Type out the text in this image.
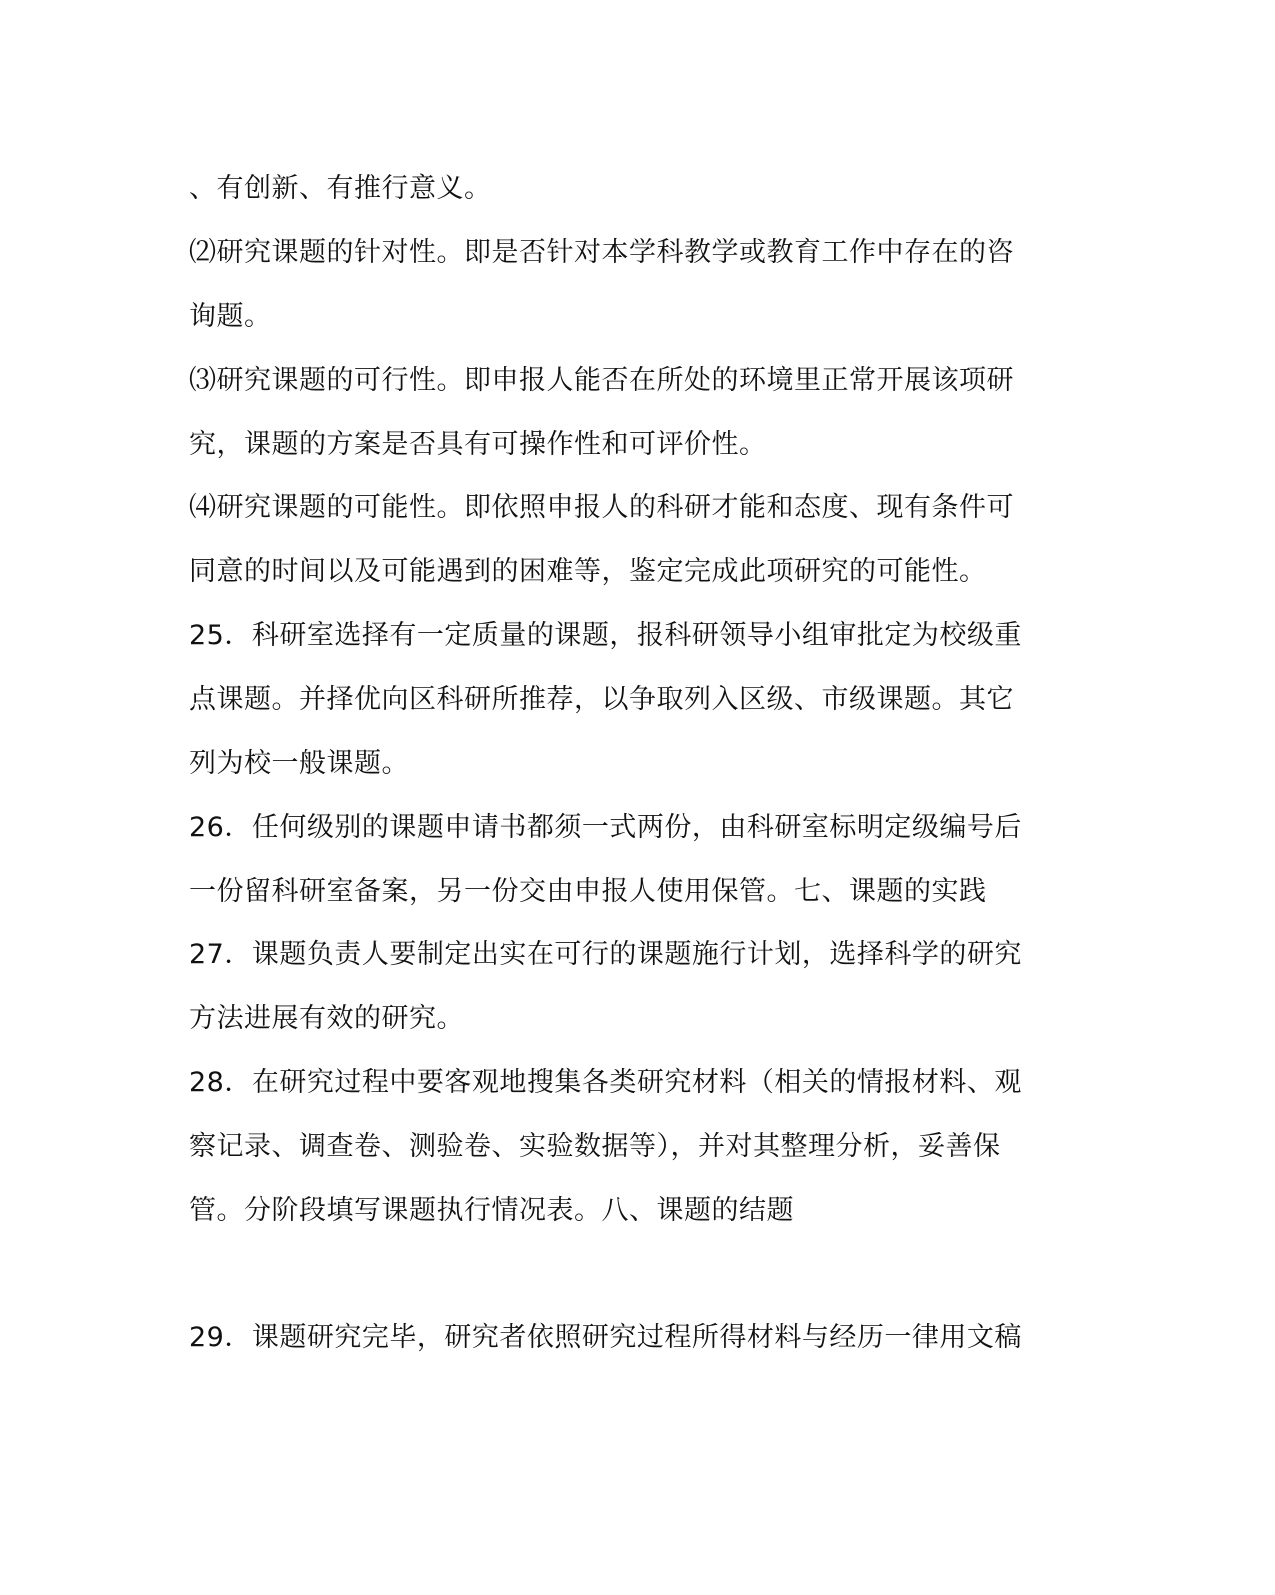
、有创新、有推行意义。
⑵研究课题的针对性。即是否针对本学科教学或教育工作中存在的咨
询题。
⑶研究课题的可行性。即申报人能否在所处的环境里正常开展该项研
究，课题的方案是否具有可操作性和可评价性。
⑷研究课题的可能性。即依照申报人的科研才能和态度、现有条件可
同意的时间以及可能遇到的困难等，鉴定完成此项研究的可能性。
25．科研室选择有一定质量的课题，报科研领导小组审批定为校级重
点课题。并择优向区科研所推荐，以争取列入区级、市级课题。其它
列为校一般课题。
26．任何级别的课题申请书都须一式两份，由科研室标明定级编号后
一份留科研室备案，另一份交由申报人使用保管。七、课题的实践
27．课题负责人要制定出实在可行的课题施行计划，选择科学的研究
方法进展有效的研究。
28．在研究过程中要客观地搜集各类研究材料（相关的情报材料、观
察记录、调查卷、测验卷、实验数据等），并对其整理分析，妥善保
管。分阶段填写课题执行情况表。八、课题的结题
29．课题研究完毕，研究者依照研究过程所得材料与经历一律用文稿
